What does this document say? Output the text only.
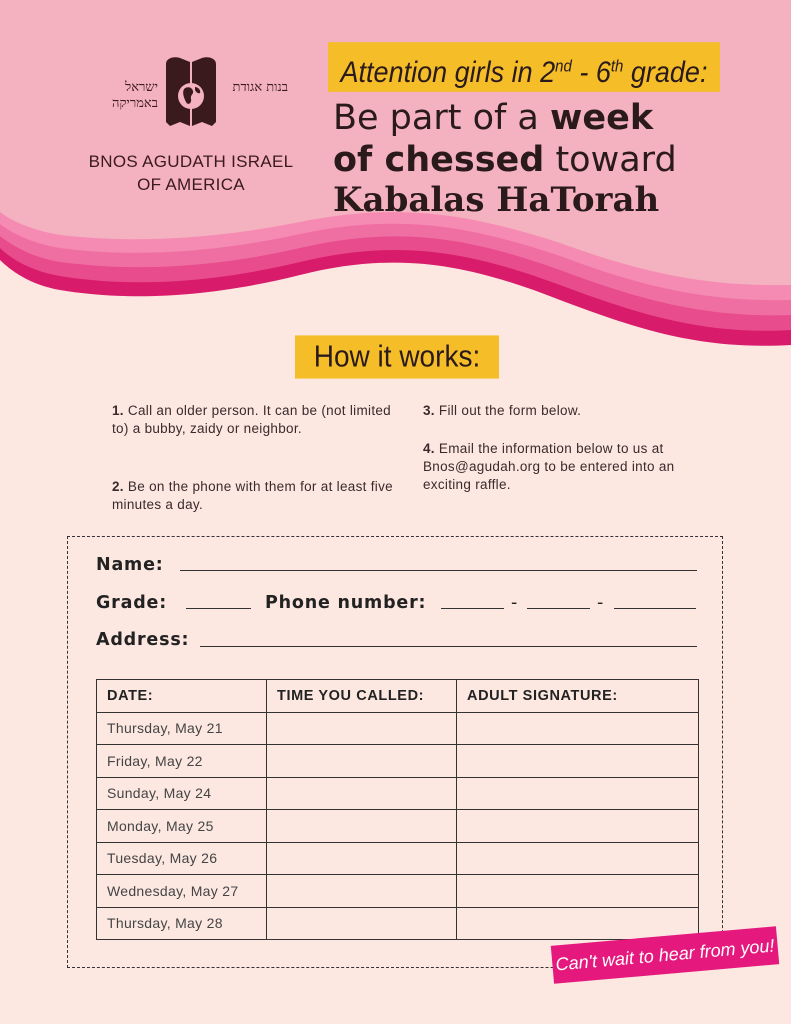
ישראל באמריקה
בנות אגודת
BNOS AGUDATH ISRAEL
OF AMERICA
Attention girls in 2nd - 6th grade:
Be part of a week
of chessed toward
Kabalas HaTorah
How it works:
1. Call an older person. It can be (not limited to) a bubby, zaidy or neighbor.
2. Be on the phone with them for at least five minutes a day.
3. Fill out the form below.
4. Email the information below to us at Bnos@agudah.org to be entered into an exciting raffle.
Name:
Grade:	Phone number:	-	-
Address:
DATE:	TIME YOU CALLED:	ADULT SIGNATURE:
Thursday, May 21		
Friday, May 22		
Sunday, May 24		
Monday, May 25		
Tuesday, May 26		
Wednesday, May 27		
Thursday, May 28		
Can't wait to hear from you!
